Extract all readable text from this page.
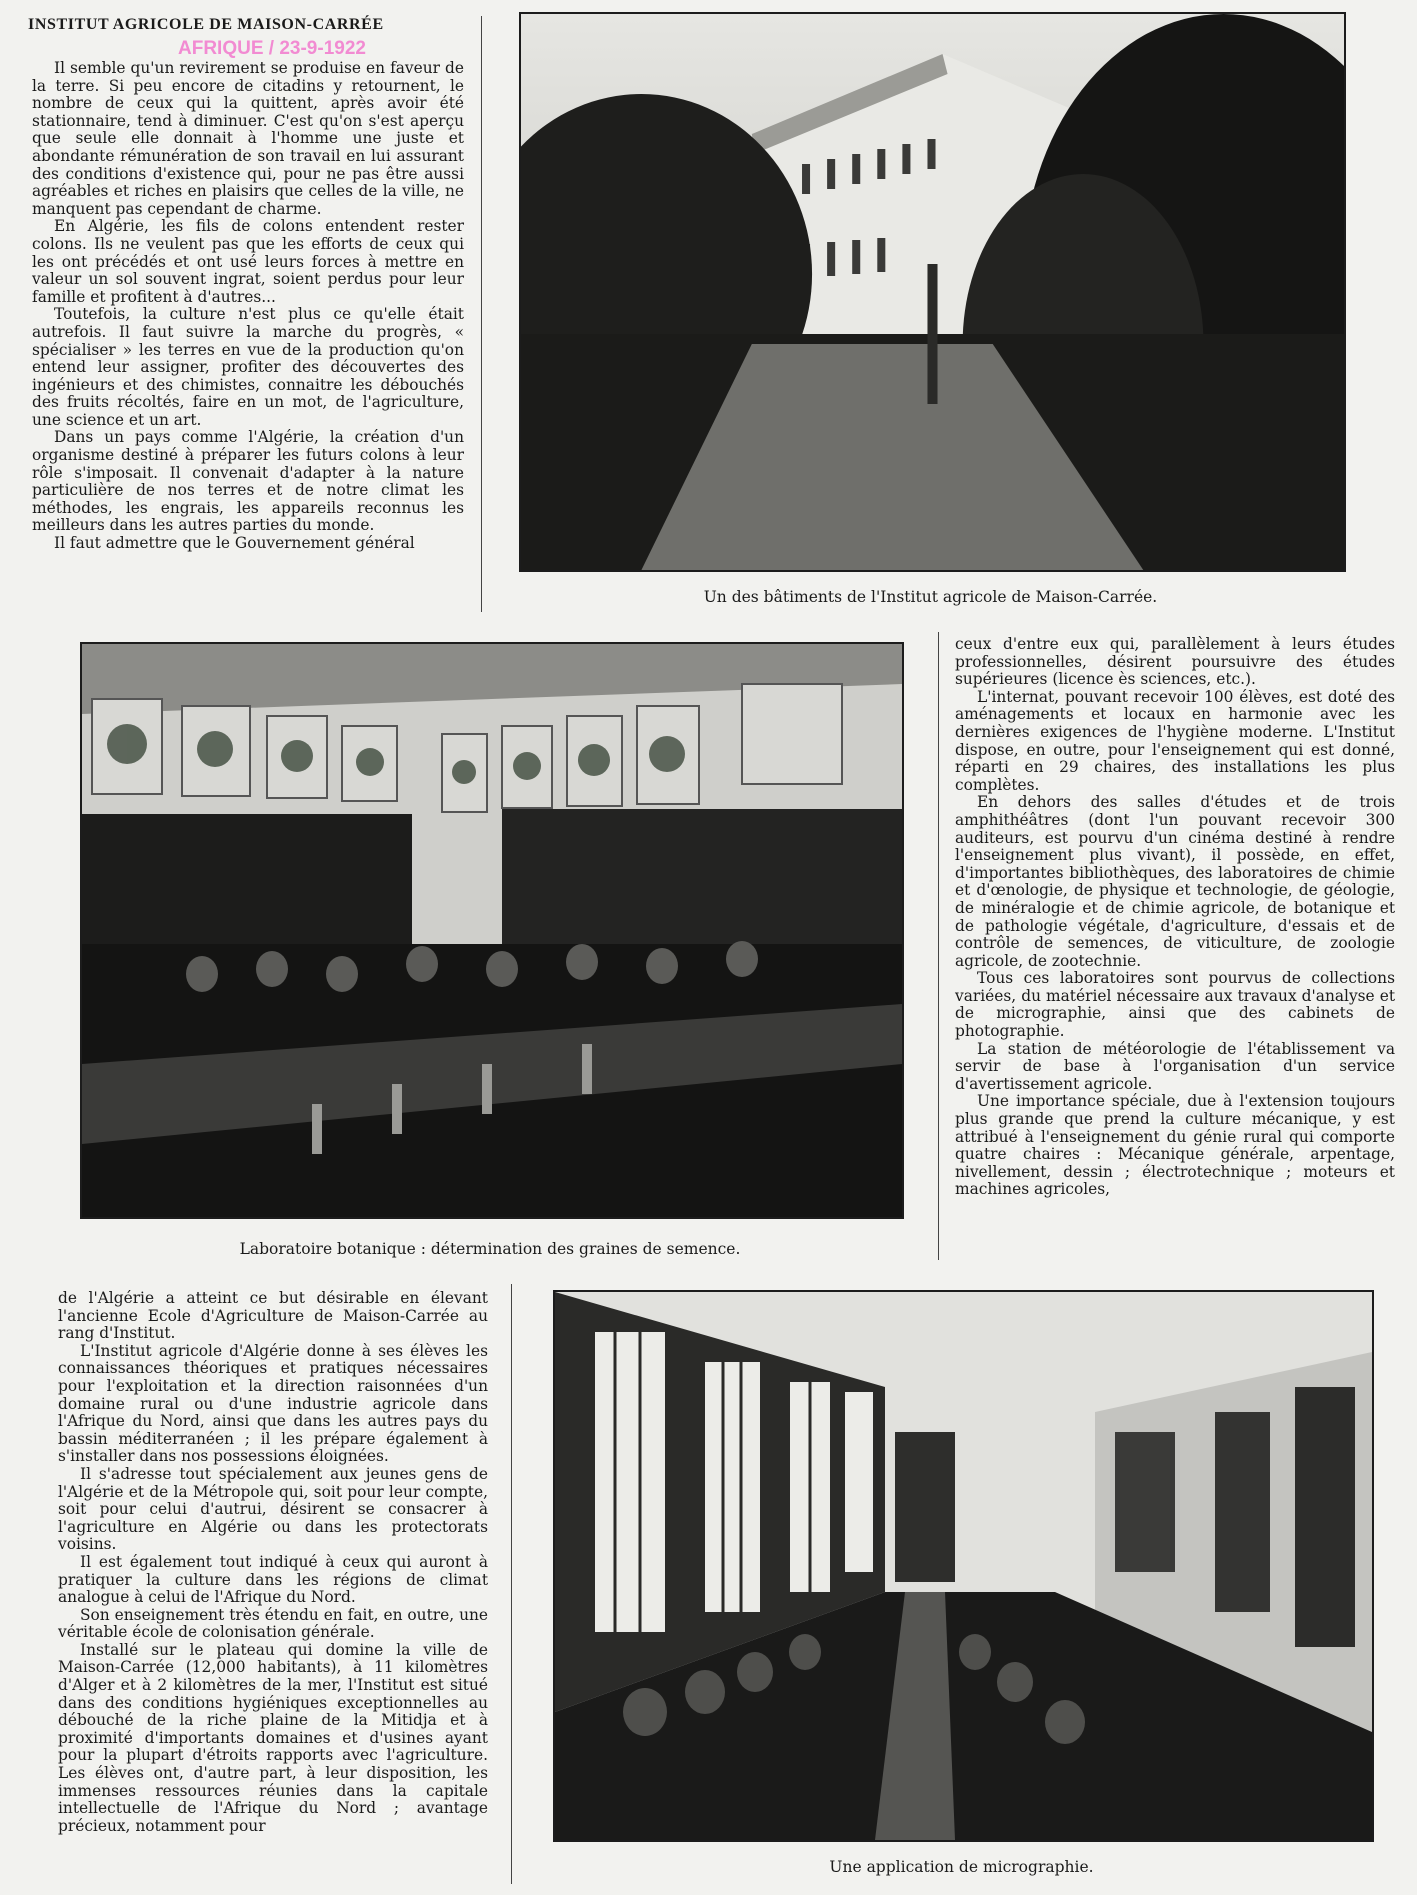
INSTITUT AGRICOLE DE MAISON-CARRÉE
AFRIQUE / 23-9-1922

Il semble qu'un revirement se produise en faveur de la terre. Si peu encore de citadins y retournent, le nombre de ceux qui la quittent, après avoir été stationnaire, tend à diminuer. C'est qu'on s'est aperçu que seule elle donnait à l'homme une juste et abondante rémunération de son travail en lui assurant des conditions d'existence qui, pour ne pas être aussi agréables et riches en plaisirs que celles de la ville, ne manquent pas cependant de charme.

En Algérie, les fils de colons entendent rester colons. Ils ne veulent pas que les efforts de ceux qui les ont précédés et ont usé leurs forces à mettre en valeur un sol souvent ingrat, soient perdus pour leur famille et profitent à d'autres...

Toutefois, la culture n'est plus ce qu'elle était autrefois. Il faut suivre la marche du progrès, « spécialiser » les terres en vue de la production qu'on entend leur assigner, profiter des découvertes des ingénieurs et des chimistes, connaitre les débouchés des fruits récoltés, faire en un mot, de l'agriculture, une science et un art.

Dans un pays comme l'Algérie, la création d'un organisme destiné à préparer les futurs colons à leur rôle s'imposait. Il convenait d'adapter à la nature particulière de nos terres et de notre climat les méthodes, les engrais, les appareils reconnus les meilleurs dans les autres parties du monde.

Il faut admettre que le Gouvernement général

Un des bâtiments de l'Institut agricole de Maison-Carrée.
Laboratoire botanique : détermination des graines de semence.

ceux d'entre eux qui, parallèlement à leurs études professionnelles, désirent poursuivre des études supérieures (licence ès sciences, etc.).

L'internat, pouvant recevoir 100 élèves, est doté des aménagements et locaux en harmonie avec les dernières exigences de l'hygiène moderne. L'Institut dispose, en outre, pour l'enseignement qui est donné, réparti en 29 chaires, des installations les plus complètes.

En dehors des salles d'études et de trois amphithéâtres (dont l'un pouvant recevoir 300 auditeurs, est pourvu d'un cinéma destiné à rendre l'enseignement plus vivant), il possède, en effet, d'importantes bibliothèques, des laboratoires de chimie et d'œnologie, de physique et technologie, de géologie, de minéralogie et de chimie agricole, de botanique et de pathologie végétale, d'agriculture, d'essais et de contrôle de semences, de viticulture, de zoologie agricole, de zootechnie.

Tous ces laboratoires sont pourvus de collections variées, du matériel nécessaire aux travaux d'analyse et de micrographie, ainsi que des cabinets de photographie.

La station de météorologie de l'établissement va servir de base à l'organisation d'un service d'avertissement agricole.

Une importance spéciale, due à l'extension toujours plus grande que prend la culture mécanique, y est attribué à l'enseignement du génie rural qui comporte quatre chaires : Mécanique générale, arpentage, nivellement, dessin ; électrotechnique ; moteurs et machines agricoles,

de l'Algérie a atteint ce but désirable en élevant l'ancienne Ecole d'Agriculture de Maison-Carrée au rang d'Institut.

L'Institut agricole d'Algérie donne à ses élèves les connaissances théoriques et pratiques nécessaires pour l'exploitation et la direction raisonnées d'un domaine rural ou d'une industrie agricole dans l'Afrique du Nord, ainsi que dans les autres pays du bassin méditerranéen ; il les prépare également à s'installer dans nos possessions éloignées.

Il s'adresse tout spécialement aux jeunes gens de l'Algérie et de la Métropole qui, soit pour leur compte, soit pour celui d'autrui, désirent se consacrer à l'agriculture en Algérie ou dans les protectorats voisins.

Il est également tout indiqué à ceux qui auront à pratiquer la culture dans les régions de climat analogue à celui de l'Afrique du Nord.

Son enseignement très étendu en fait, en outre, une véritable école de colonisation générale.

Installé sur le plateau qui domine la ville de Maison-Carrée (12,000 habitants), à 11 kilomètres d'Alger et à 2 kilomètres de la mer, l'Institut est situé dans des conditions hygiéniques exceptionnelles au débouché de la riche plaine de la Mitidja et à proximité d'importants domaines et d'usines ayant pour la plupart d'étroits rapports avec l'agriculture. Les élèves ont, d'autre part, à leur disposition, les immenses ressources réunies dans la capitale intellectuelle de l'Afrique du Nord ; avantage précieux, notamment pour

Une application de micrographie.
